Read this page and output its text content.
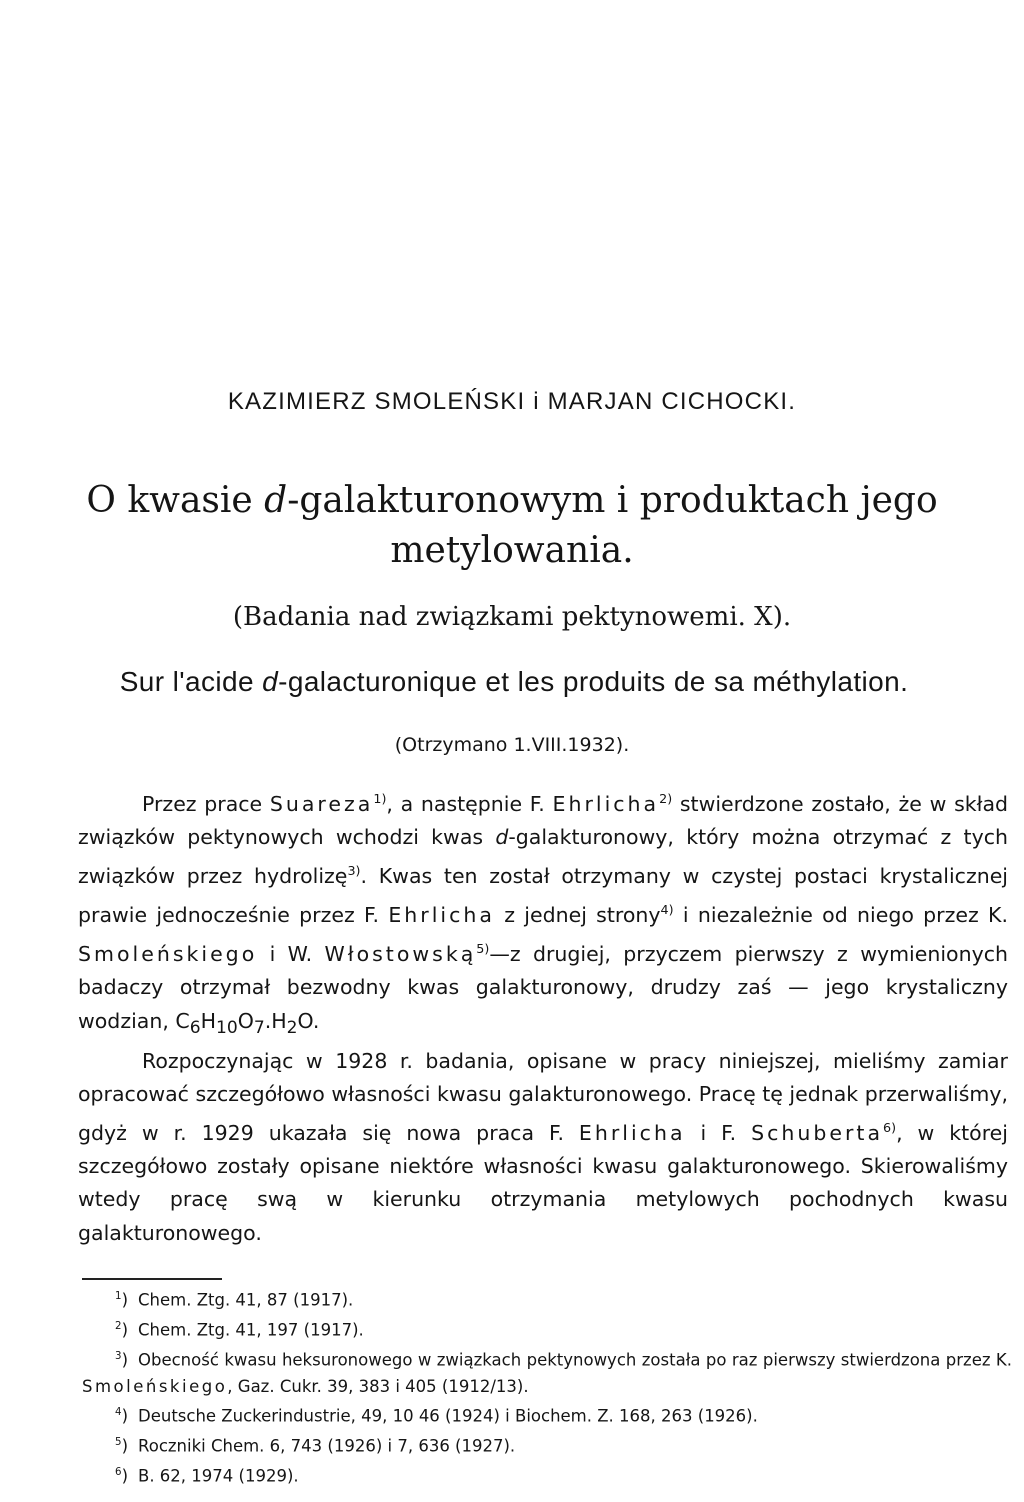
KAZIMIERZ SMOLEŃSKI i MARJAN CICHOCKI.
O kwasie d-galakturonowym i produktach jego metylowania.
(Badania nad związkami pektynowemi. X).
Sur l'acide d-galacturonique et les produits de sa méthylation.
(Otrzymano 1.VIII.1932).

Przez prace Suareza$^{1)}$, a następnie F. Ehrlicha$^{2)}$ stwierdzone zostało, że w skład związków pektynowych wchodzi kwas d-galakturonowy, który można otrzymać z tych związków przez hydrolizę$^{3)}$. Kwas ten został otrzymany w czystej postaci krystalicznej prawie jednocześnie przez F. Ehrlicha z jednej strony$^{4)}$ i niezależnie od niego przez K. Smoleńskiego i W. Włostowską$^{5)}$—z drugiej, przyczem pierwszy z wymienionych badaczy otrzymał bezwodny kwas galakturonowy, drudzy zaś — jego krystaliczny wodzian, $C_6H_{10}O_7.H_2O$.

Rozpoczynając w 1928 r. badania, opisane w pracy niniejszej, mieliśmy zamiar opracować szczegółowo własności kwasu galakturonowego. Pracę tę jednak przerwaliśmy, gdyż w r. 1929 ukazała się nowa praca F. Ehrlicha i F. Schuberta$^{6)}$, w której szczegółowo zostały opisane niektóre własności kwasu galakturonowego. Skierowaliśmy wtedy pracę swą w kierunku otrzymania metylowych pochodnych kwasu galakturonowego.

$^1$) Chem. Ztg. 41, 87 (1917).
$^2$) Chem. Ztg. 41, 197 (1917).
$^3$) Obecność kwasu heksuronowego w związkach pektynowych została po raz pierwszy stwierdzona przez K. Smoleńskiego, Gaz. Cukr. 39, 383 i 405 (1912/13).
$^4$) Deutsche Zuckerindustrie, 49, 10 46 (1924) i Biochem. Z. 168, 263 (1926).
$^5$) Roczniki Chem. 6, 743 (1926) i 7, 636 (1927).
$^6$) B. 62, 1974 (1929).
